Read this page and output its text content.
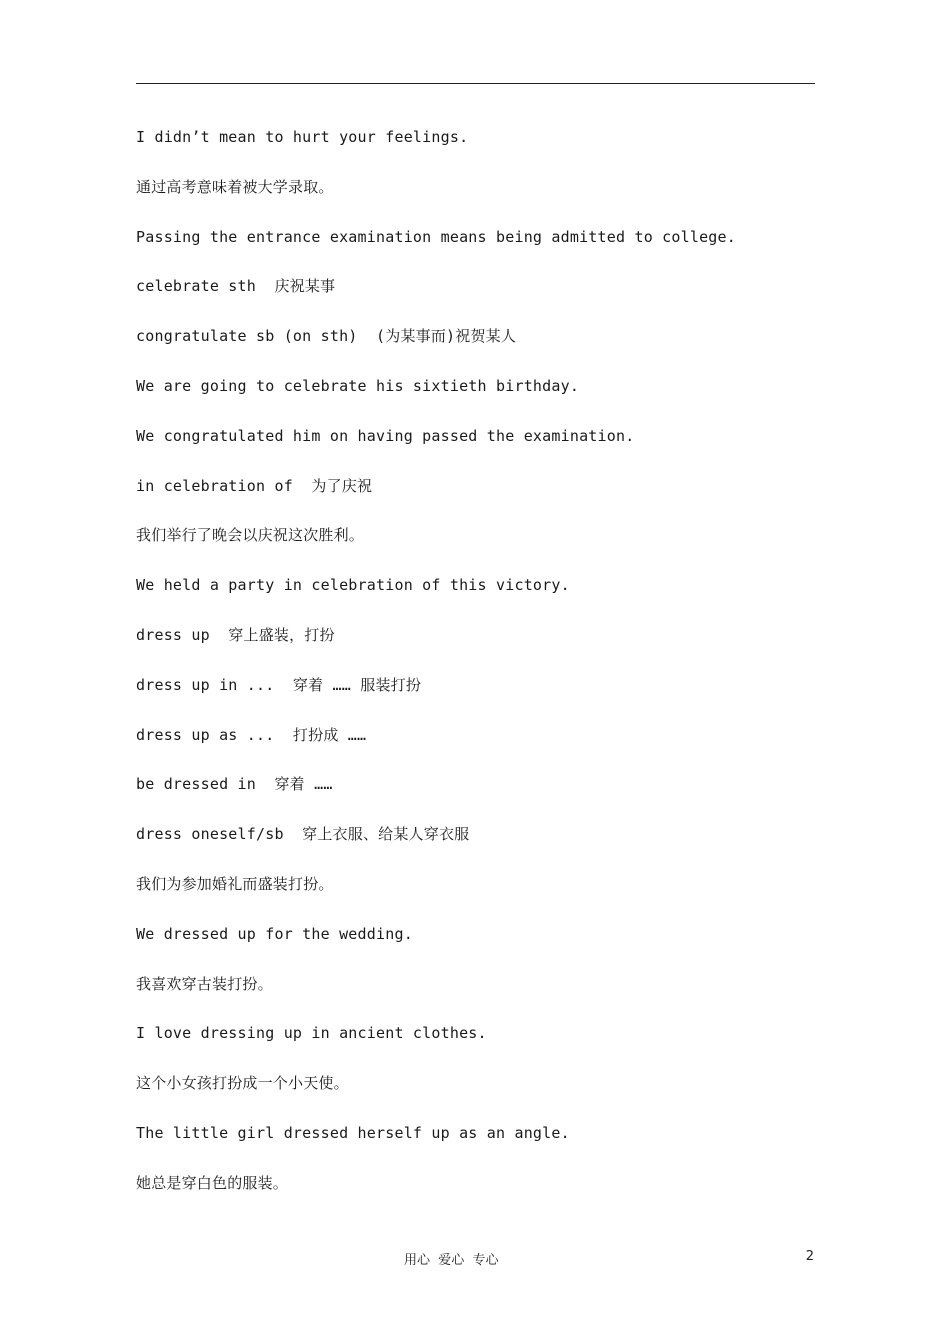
I didn’t mean to hurt your feelings.
通过高考意味着被大学录取。
Passing the entrance examination means being admitted to college.
celebrate sth  庆祝某事
congratulate sb (on sth)  (为某事而)祝贺某人
We are going to celebrate his sixtieth birthday.
We congratulated him on having passed the examination.
in celebration of  为了庆祝
我们举行了晚会以庆祝这次胜利。
We held a party in celebration of this victory.
dress up  穿上盛装，打扮
dress up in ...  穿着 …… 服装打扮
dress up as ...  打扮成 ……
be dressed in  穿着 ……
dress oneself/sb  穿上衣服、给某人穿衣服
我们为参加婚礼而盛装打扮。
We dressed up for the wedding.
我喜欢穿古装打扮。
I love dressing up in ancient clothes.
这个小女孩打扮成一个小天使。
The little girl dressed herself up as an angle.
她总是穿白色的服装。
用心  爱心  专心	2
